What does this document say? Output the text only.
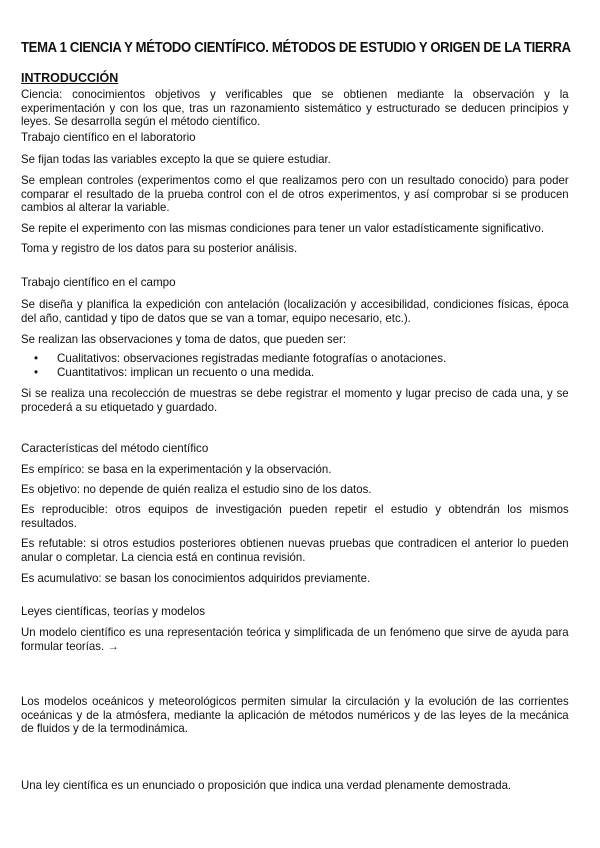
TEMA 1 CIENCIA Y MÉTODO CIENTÍFICO. MÉTODOS DE ESTUDIO Y ORIGEN DE LA TIERRA
INTRODUCCIÓN
Ciencia: conocimientos objetivos y verificables que se obtienen mediante la observación y la experimentación y con los que, tras un razonamiento sistemático y estructurado se deducen principios y leyes. Se desarrolla según el método científico.
Trabajo científico en el laboratorio
Se fijan todas las variables excepto la que se quiere estudiar.
Se emplean controles (experimentos como el que realizamos pero con un resultado conocido) para poder comparar el resultado de la prueba control con el de otros experimentos, y así comprobar si se producen cambios al alterar la variable.
Se repite el experimento con las mismas condiciones para tener un valor estadísticamente significativo.
Toma y registro de los datos para su posterior análisis.
Trabajo científico en el campo
Se diseña y planifica la expedición con antelación (localización y accesibilidad, condiciones físicas, época del año, cantidad y tipo de datos que se van a tomar, equipo necesario, etc.).
Se realizan las observaciones y toma de datos, que pueden ser:
• Cualitativos: observaciones registradas mediante fotografías o anotaciones.
• Cuantitativos: implican un recuento o una medida.
Si se realiza una recolección de muestras se debe registrar el momento y lugar preciso de cada una, y se procederá a su etiquetado y guardado.
Características del método científico
Es empírico: se basa en la experimentación y la observación.
Es objetivo: no depende de quién realiza el estudio sino de los datos.
Es reproducible: otros equipos de investigación pueden repetir el estudio y obtendrán los mismos resultados.
Es refutable: si otros estudios posteriores obtienen nuevas pruebas que contradicen el anterior lo pueden anular o completar. La ciencia está en continua revisión.
Es acumulativo: se basan los conocimientos adquiridos previamente.
Leyes científicas, teorías y modelos
Un modelo científico es una representación teórica y simplificada de un fenómeno que sirve de ayuda para formular teorías. →
Los modelos oceánicos y meteorológicos permiten simular la circulación y la evolución de las corrientes oceánicas y de la atmósfera, mediante la aplicación de métodos numéricos y de las leyes de la mecánica de fluidos y de la termodinámica.
Una ley científica es un enunciado o proposición que indica una verdad plenamente demostrada.
